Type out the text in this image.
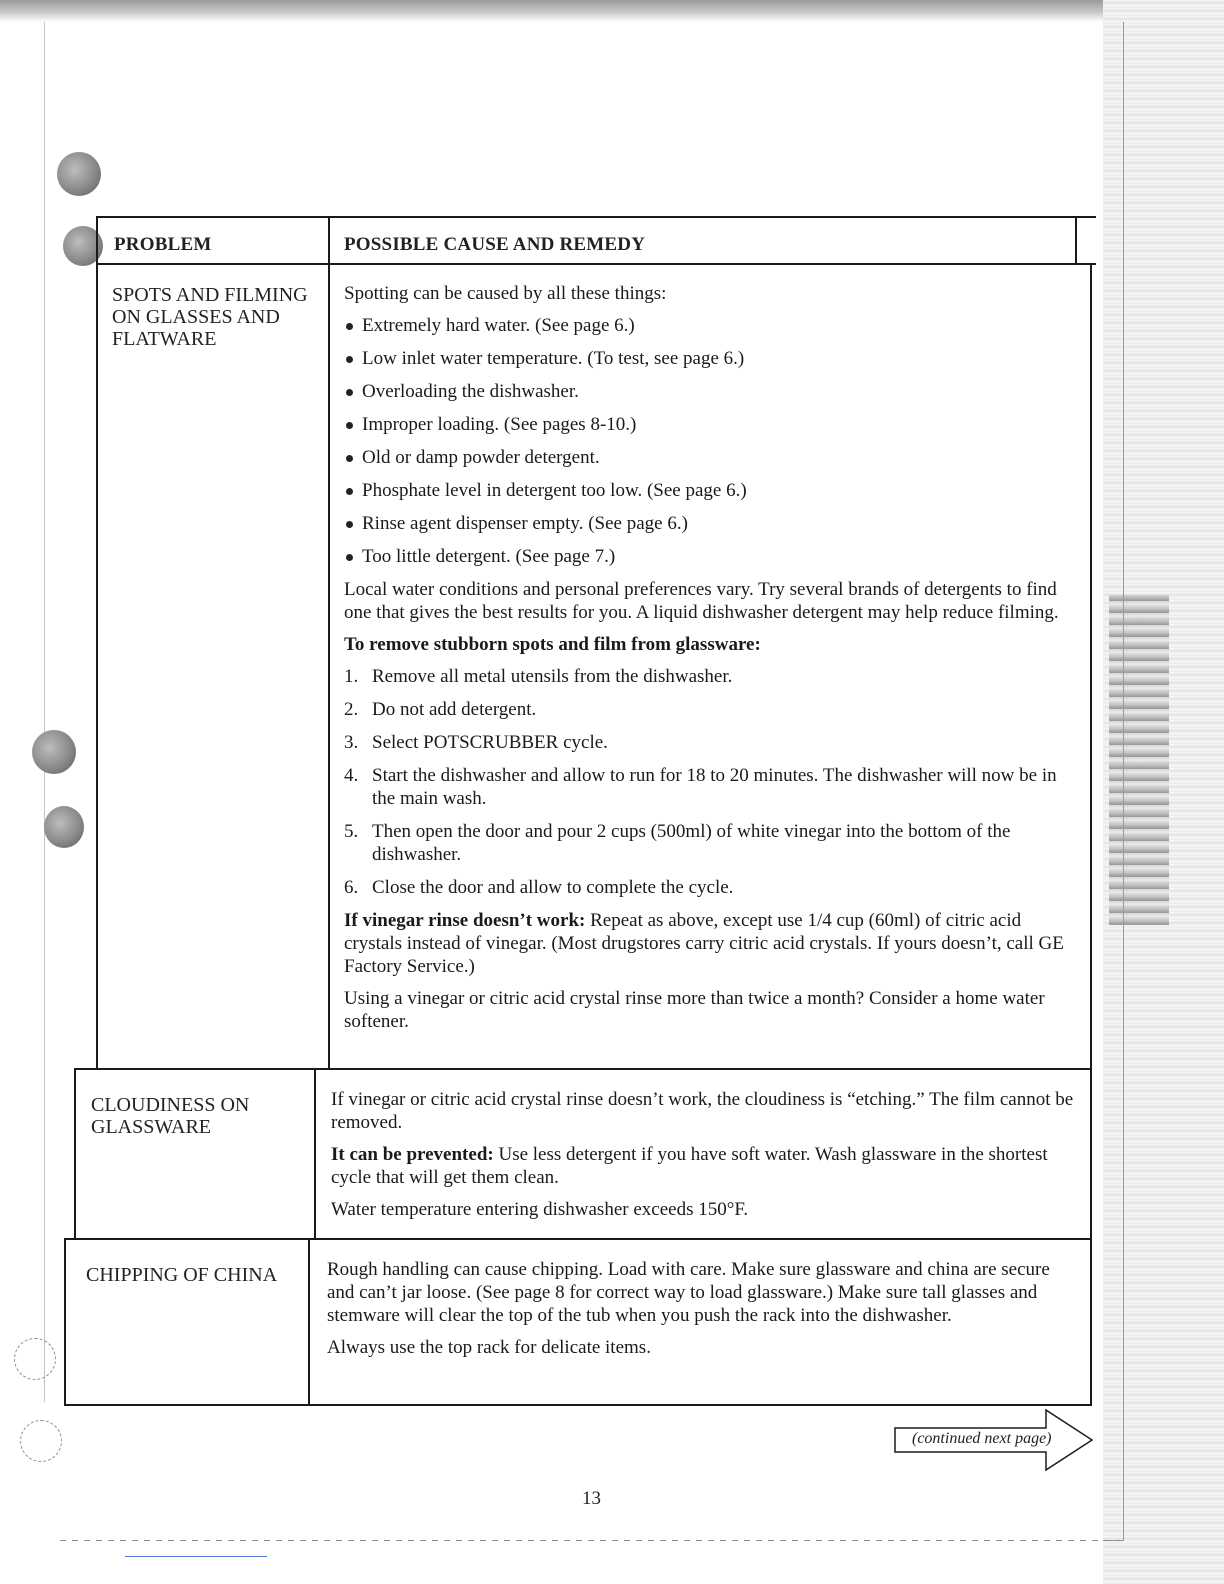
PROBLEM	POSSIBLE CAUSE AND REMEDY
SPOTS AND FILMING
ON GLASSES AND
FLATWARE

Spotting can be caused by all these things:

Extremely hard water. (See page 6.)
Low inlet water temperature. (To test, see page 6.)
Overloading the dishwasher.
Improper loading. (See pages 8-10.)
Old or damp powder detergent.
Phosphate level in detergent too low. (See page 6.)
Rinse agent dispenser empty. (See page 6.)
Too little detergent. (See page 7.)

Local water conditions and personal preferences vary. Try several brands of detergents to find one that gives the best results for you. A liquid dishwasher detergent may help reduce filming.

To remove stubborn spots and film from glassware:

1. Remove all metal utensils from the dishwasher.
2. Do not add detergent.
3. Select POTSCRUBBER cycle.
4. Start the dishwasher and allow to run for 18 to 20 minutes. The dishwasher will now be in the main wash.
5. Then open the door and pour 2 cups (500ml) of white vinegar into the bottom of the dishwasher.
6. Close the door and allow to complete the cycle.

If vinegar rinse doesn’t work: Repeat as above, except use 1/4 cup (60ml) of citric acid crystals instead of vinegar. (Most drugstores carry citric acid crystals. If yours doesn’t, call GE Factory Service.)

Using a vinegar or citric acid crystal rinse more than twice a month? Consider a home water softener.

CLOUDINESS ON
GLASSWARE

If vinegar or citric acid crystal rinse doesn’t work, the cloudiness is “etching.” The film cannot be removed.

It can be prevented: Use less detergent if you have soft water. Wash glassware in the shortest cycle that will get them clean.

Water temperature entering dishwasher exceeds 150°F.

CHIPPING OF CHINA	Rough handling can cause chipping. Load with care. Make sure glassware and china are secure and can’t jar loose. (See page 8 for correct way to load glassware.) Make sure tall glasses and stemware will clear the top of the tub when you push the rack into the dishwasher.

Always use the top rack for delicate items.

(continued next page)
13
